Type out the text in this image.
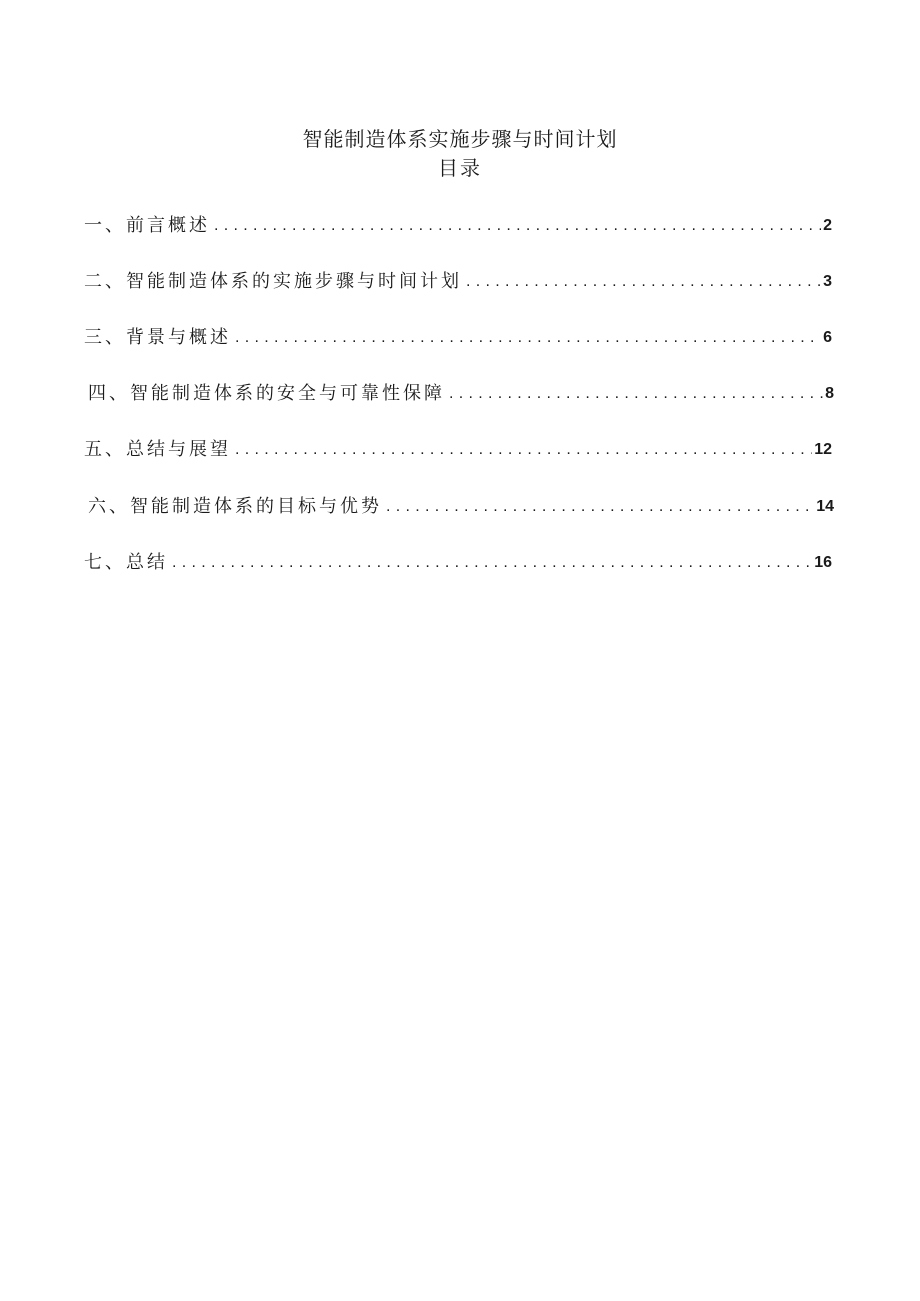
智能制造体系实施步骤与时间计划
目录
一、前言概述 .....	2
二、智能制造体系的实施步骤与时间计划 .....	3
三、背景与概述 .....	6
四、智能制造体系的安全与可靠性保障 .....	8
五、总结与展望 .....	12
六、智能制造体系的目标与优势 .....	14
七、总结 .....	16
